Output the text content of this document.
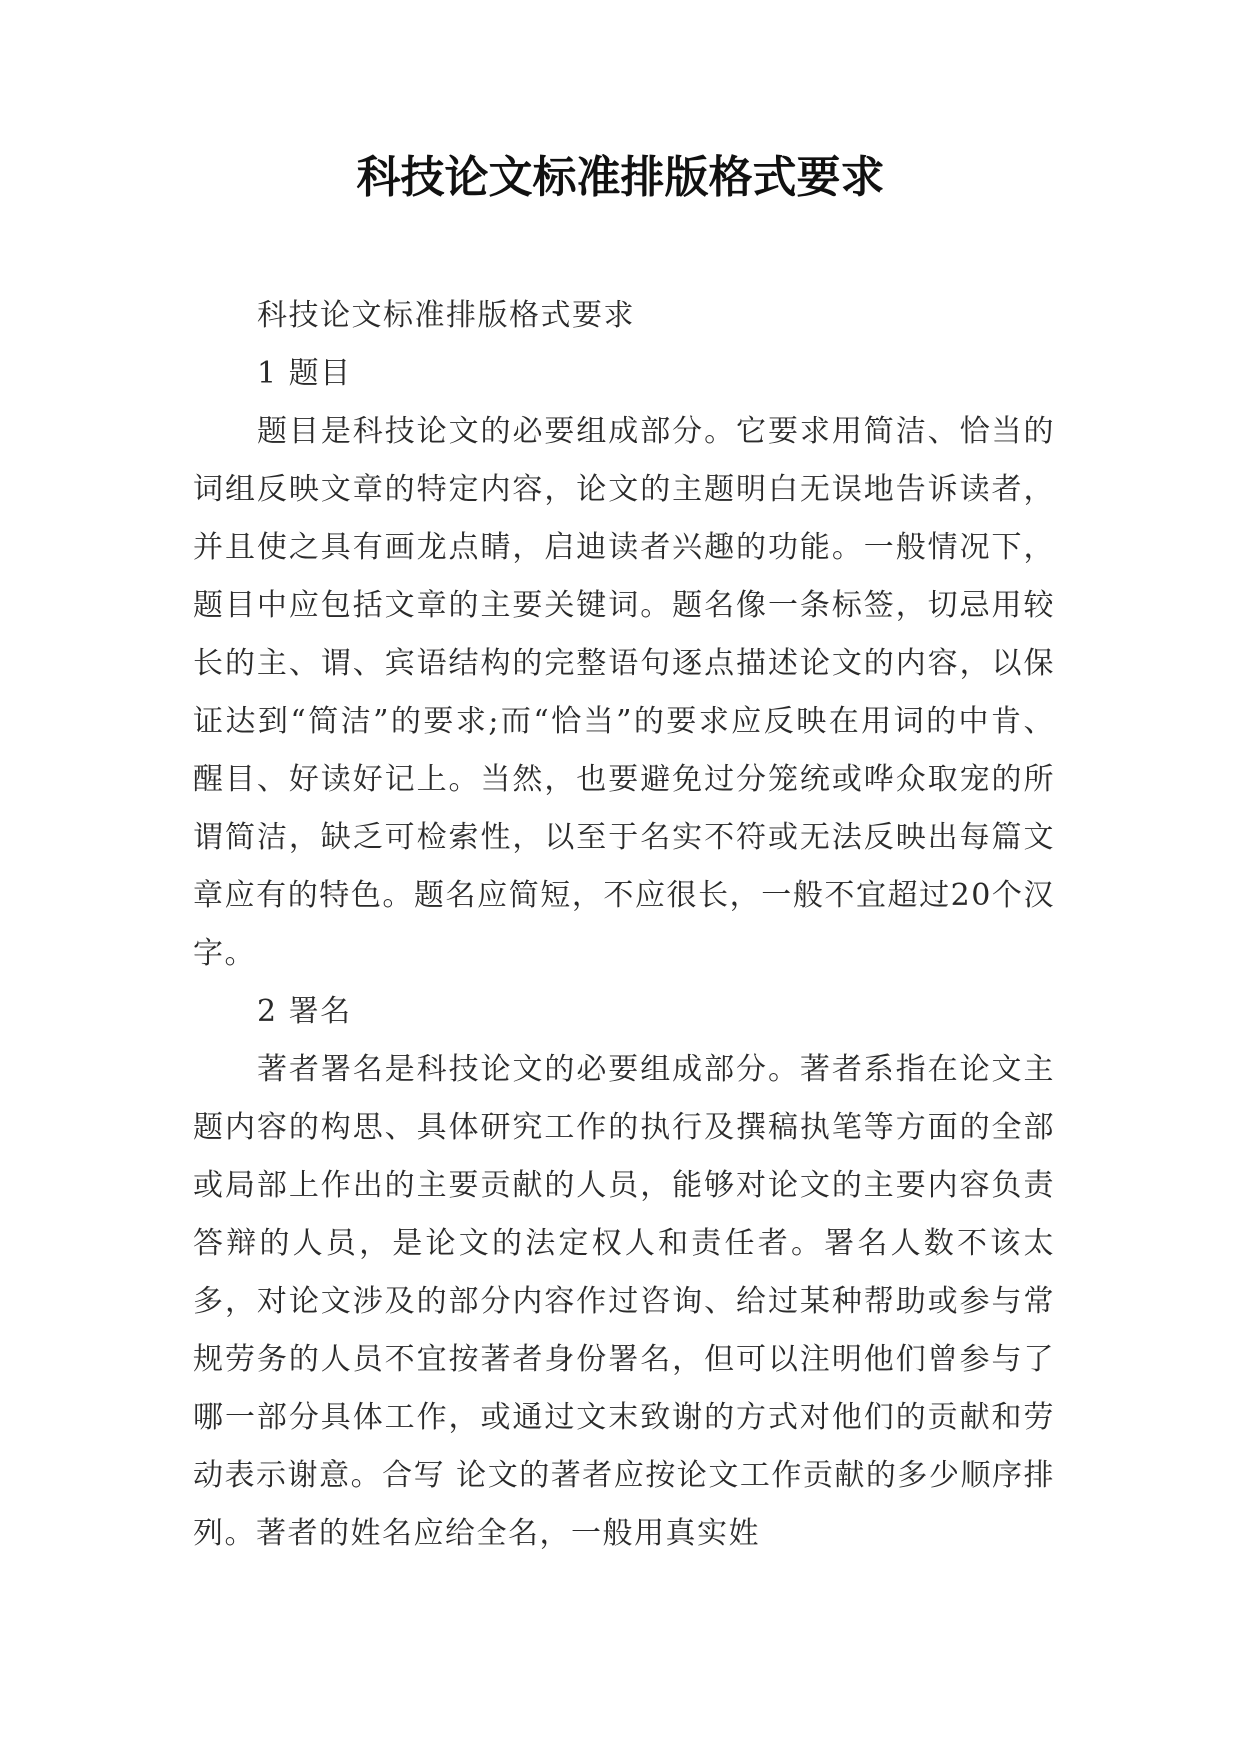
科技论文标准排版格式要求

科技论文标准排版格式要求

1 题目

题目是科技论文的必要组成部分。它要求用简洁、恰当的词组反映文章的特定内容，论文的主题明白无误地告诉读者，并且使之具有画龙点睛，启迪读者兴趣的功能。一般情况下，题目中应包括文章的主要关键词。题名像一条标签，切忌用较长的主、谓、宾语结构的完整语句逐点描述论文的内容，以保证达到“简洁”的要求;而“恰当”的要求应反映在用词的中肯、醒目、好读好记上。当然，也要避免过分笼统或哗众取宠的所谓简洁，缺乏可检索性，以至于名实不符或无法反映出每篇文章应有的特色。题名应简短，不应很长，一般不宜超过20个汉字。

2 署名

著者署名是科技论文的必要组成部分。著者系指在论文主题内容的构思、具体研究工作的执行及撰稿执笔等方面的全部或局部上作出的主要贡献的人员，能够对论文的主要内容负责答辩的人员，是论文的法定权人和责任者。署名人数不该太多，对论文涉及的部分内容作过咨询、给过某种帮助或参与常规劳务的人员不宜按著者身份署名，但可以注明他们曾参与了哪一部分具体工作，或通过文末致谢的方式对他们的贡献和劳动表示谢意。合写 论文的著者应按论文工作贡献的多少顺序排列。著者的姓名应给全名，一般用真实姓
